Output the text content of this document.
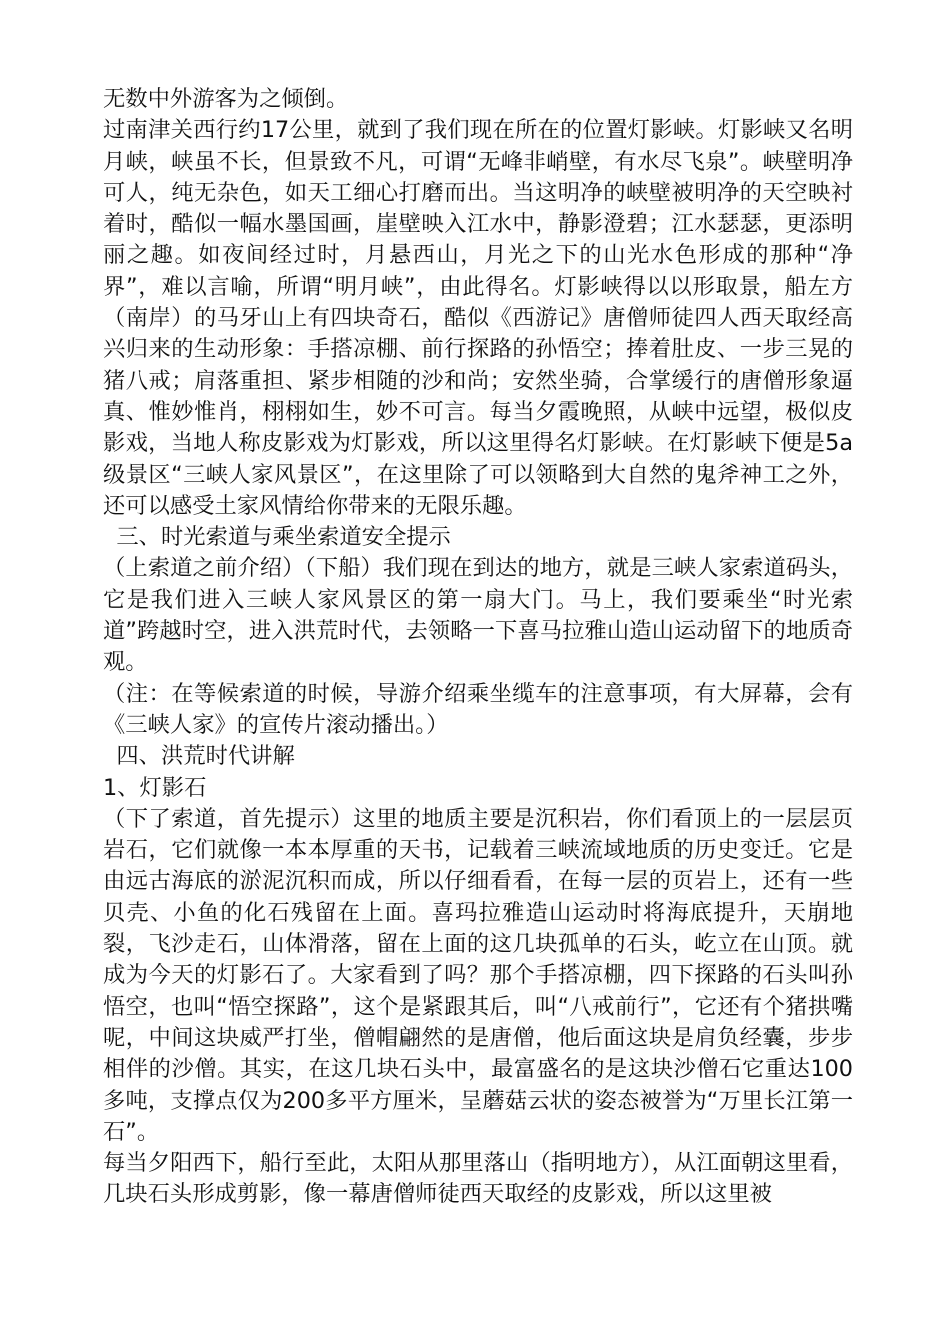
无数中外游客为之倾倒。

过南津关西行约17公里，就到了我们现在所在的位置灯影峡。灯影峡又名明月峡，峡虽不长，但景致不凡，可谓“无峰非峭壁，有水尽飞泉”。峡壁明净可人，纯无杂色，如天工细心打磨而出。当这明净的峡壁被明净的天空映衬着时，酷似一幅水墨国画，崖壁映入江水中，静影澄碧；江水瑟瑟，更添明丽之趣。如夜间经过时，月悬西山，月光之下的山光水色形成的那种“净界”，难以言喻，所谓“明月峡”，由此得名。灯影峡得以以形取景，船左方（南岸）的马牙山上有四块奇石，酷似《西游记》唐僧师徒四人西天取经高兴归来的生动形象：手搭凉棚、前行探路的孙悟空；捧着肚皮、一步三晃的猪八戒；肩落重担、紧步相随的沙和尚；安然坐骑，合掌缓行的唐僧形象逼真、惟妙惟肖，栩栩如生，妙不可言。每当夕霞晚照，从峡中远望，极似皮影戏，当地人称皮影戏为灯影戏，所以这里得名灯影峡。在灯影峡下便是5a级景区“三峡人家风景区”，在这里除了可以领略到大自然的鬼斧神工之外，还可以感受土家风情给你带来的无限乐趣。

三、时光索道与乘坐索道安全提示

（上索道之前介绍）（下船）我们现在到达的地方，就是三峡人家索道码头，它是我们进入三峡人家风景区的第一扇大门。马上，我们要乘坐“时光索道”跨越时空，进入洪荒时代，去领略一下喜马拉雅山造山运动留下的地质奇观。

（注：在等候索道的时候，导游介绍乘坐缆车的注意事项，有大屏幕，会有《三峡人家》的宣传片滚动播出。）

四、洪荒时代讲解

1、灯影石

（下了索道，首先提示）这里的地质主要是沉积岩，你们看顶上的一层层页岩石，它们就像一本本厚重的天书，记载着三峡流域地质的历史变迁。它是由远古海底的淤泥沉积而成，所以仔细看看，在每一层的页岩上，还有一些贝壳、小鱼的化石残留在上面。喜玛拉雅造山运动时将海底提升，天崩地裂，飞沙走石，山体滑落，留在上面的这几块孤单的石头，屹立在山顶。就成为今天的灯影石了。大家看到了吗？那个手搭凉棚，四下探路的石头叫孙悟空，也叫“悟空探路”，这个是紧跟其后，叫“八戒前行”，它还有个猪拱嘴呢，中间这块威严打坐，僧帽翩然的是唐僧，他后面这块是肩负经囊，步步相伴的沙僧。其实，在这几块石头中，最富盛名的是这块沙僧石它重达100多吨，支撑点仅为200多平方厘米，呈蘑菇云状的姿态被誉为“万里长江第一石”。

每当夕阳西下，船行至此，太阳从那里落山（指明地方），从江面朝这里看，几块石头形成剪影，像一幕唐僧师徒西天取经的皮影戏，所以这里被
